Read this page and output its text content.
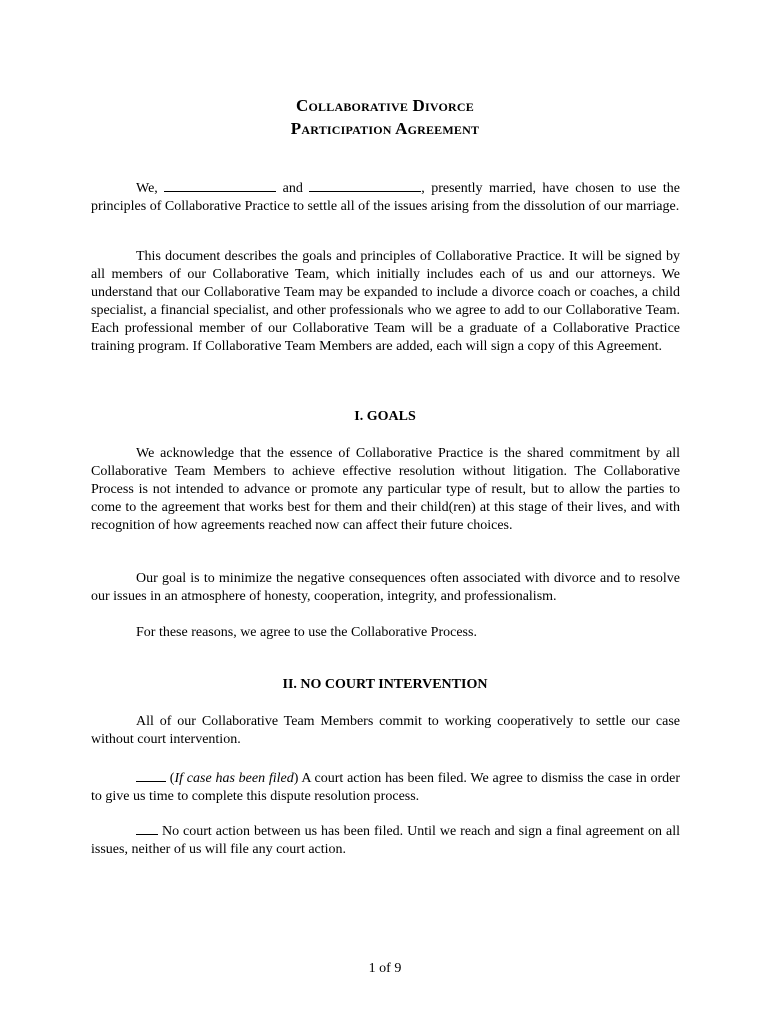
Collaborative Divorce
Participation Agreement
We,	and	, presently married, have chosen to use the principles of Collaborative Practice to settle all of the issues arising from the dissolution of our marriage.
This document describes the goals and principles of Collaborative Practice. It will be signed by all members of our Collaborative Team, which initially includes each of us and our attorneys. We understand that our Collaborative Team may be expanded to include a divorce coach or coaches, a child specialist, a financial specialist, and other professionals who we agree to add to our Collaborative Team. Each professional member of our Collaborative Team will be a graduate of a Collaborative Practice training program. If Collaborative Team Members are added, each will sign a copy of this Agreement.
I. GOALS
We acknowledge that the essence of Collaborative Practice is the shared commitment by all Collaborative Team Members to achieve effective resolution without litigation. The Collaborative Process is not intended to advance or promote any particular type of result, but to allow the parties to come to the agreement that works best for them and their child(ren) at this stage of their lives, and with recognition of how agreements reached now can affect their future choices.
Our goal is to minimize the negative consequences often associated with divorce and to resolve our issues in an atmosphere of honesty, cooperation, integrity, and professionalism.
For these reasons, we agree to use the Collaborative Process.
II. NO COURT INTERVENTION
All of our Collaborative Team Members commit to working cooperatively to settle our case without court intervention.
(If case has been filed) A court action has been filed. We agree to dismiss the case in order to give us time to complete this dispute resolution process.
No court action between us has been filed. Until we reach and sign a final agreement on all issues, neither of us will file any court action.
1 of 9
